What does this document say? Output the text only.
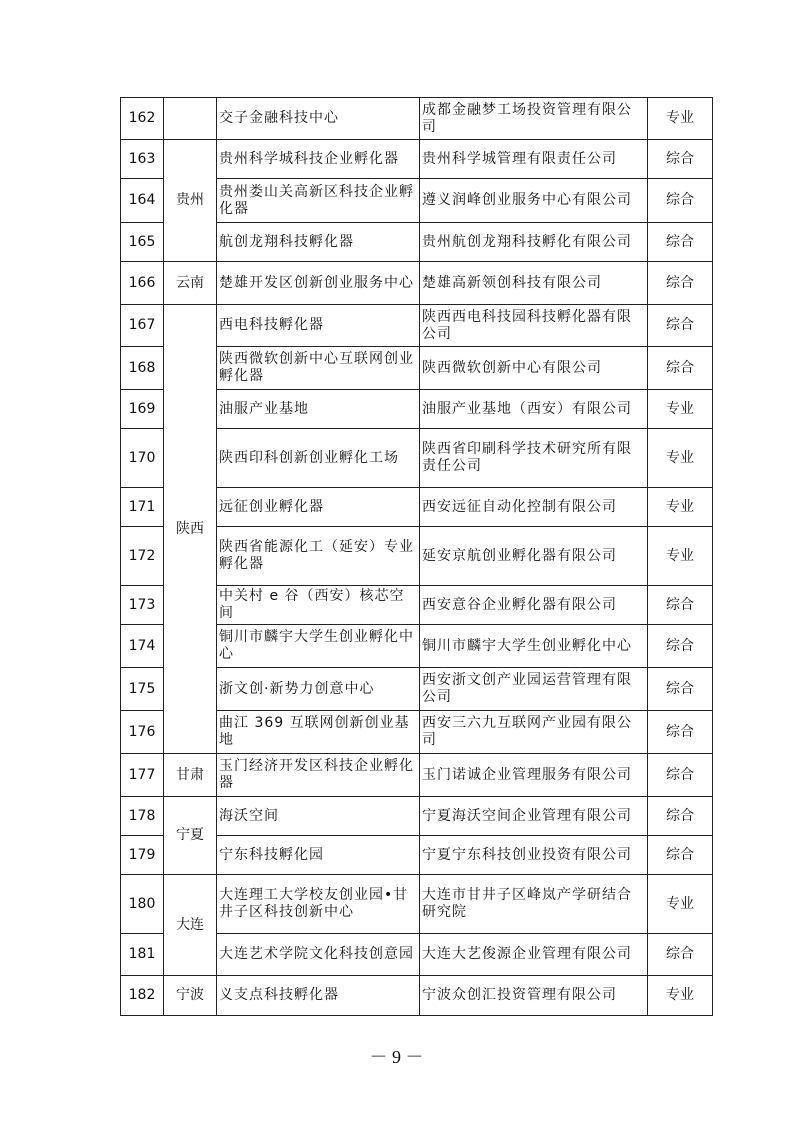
162		交子金融科技中心	成都金融梦工场投资管理有限公司	专业
163	贵州	贵州科学城科技企业孵化器	贵州科学城管理有限责任公司	综合
164		贵州娄山关高新区科技企业孵化器	遵义润峰创业服务中心有限公司	综合
165		航创龙翔科技孵化器	贵州航创龙翔科技孵化有限公司	综合
166	云南	楚雄开发区创新创业服务中心	楚雄高新领创科技有限公司	综合
167	陕西	西电科技孵化器	陕西西电科技园科技孵化器有限公司	综合
168		陕西微软创新中心互联网创业孵化器	陕西微软创新中心有限公司	综合
169		油服产业基地	油服产业基地（西安）有限公司	专业
170		陕西印科创新创业孵化工场	陕西省印刷科学技术研究所有限责任公司	专业
171		远征创业孵化器	西安远征自动化控制有限公司	专业
172		陕西省能源化工（延安）专业孵化器	延安京航创业孵化器有限公司	专业
173		中关村 e 谷（西安）核芯空间	西安意谷企业孵化器有限公司	综合
174		铜川市麟宇大学生创业孵化中心	铜川市麟宇大学生创业孵化中心	综合
175		浙文创·新势力创意中心	西安浙文创产业园运营管理有限公司	综合
176		曲江 369 互联网创新创业基地	西安三六九互联网产业园有限公司	综合
177	甘肃	玉门经济开发区科技企业孵化器	玉门诺诚企业管理服务有限公司	综合
178	宁夏	海沃空间	宁夏海沃空间企业管理有限公司	综合
179		宁东科技孵化园	宁夏宁东科技创业投资有限公司	综合
180	大连	大连理工大学校友创业园•甘井子区科技创新中心	大连市甘井子区峰岚产学研结合研究院	专业
181		大连艺术学院文化科技创意园	大连大艺俊源企业管理有限公司	综合
182	宁波	义支点科技孵化器	宁波众创汇投资管理有限公司	专业
－ 9 －
